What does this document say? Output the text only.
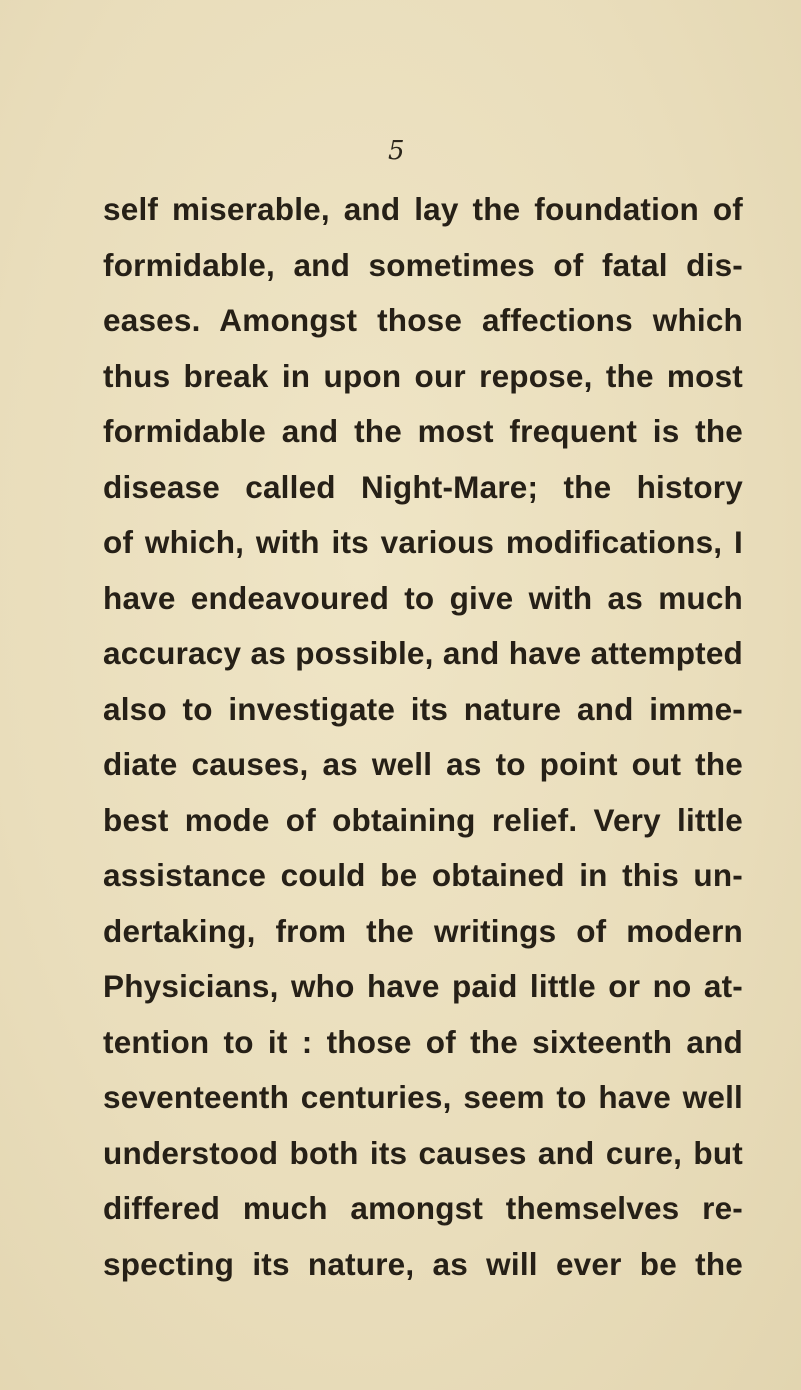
5
self miserable, and lay the foundation of
formidable, and sometimes of fatal dis-
eases. Amongst those affections which
thus break in upon our repose, the most
formidable and the most frequent is the
disease called Night-Mare; the history
of which, with its various modifications, I
have endeavoured to give with as much
accuracy as possible, and have attempted
also to investigate its nature and imme-
diate causes, as well as to point out the
best mode of obtaining relief. Very little
assistance could be obtained in this un-
dertaking, from the writings of modern
Physicians, who have paid little or no at-
tention to it : those of the sixteenth and
seventeenth centuries, seem to have well
understood both its causes and cure, but
differed much amongst themselves re-
specting its nature, as will ever be the
